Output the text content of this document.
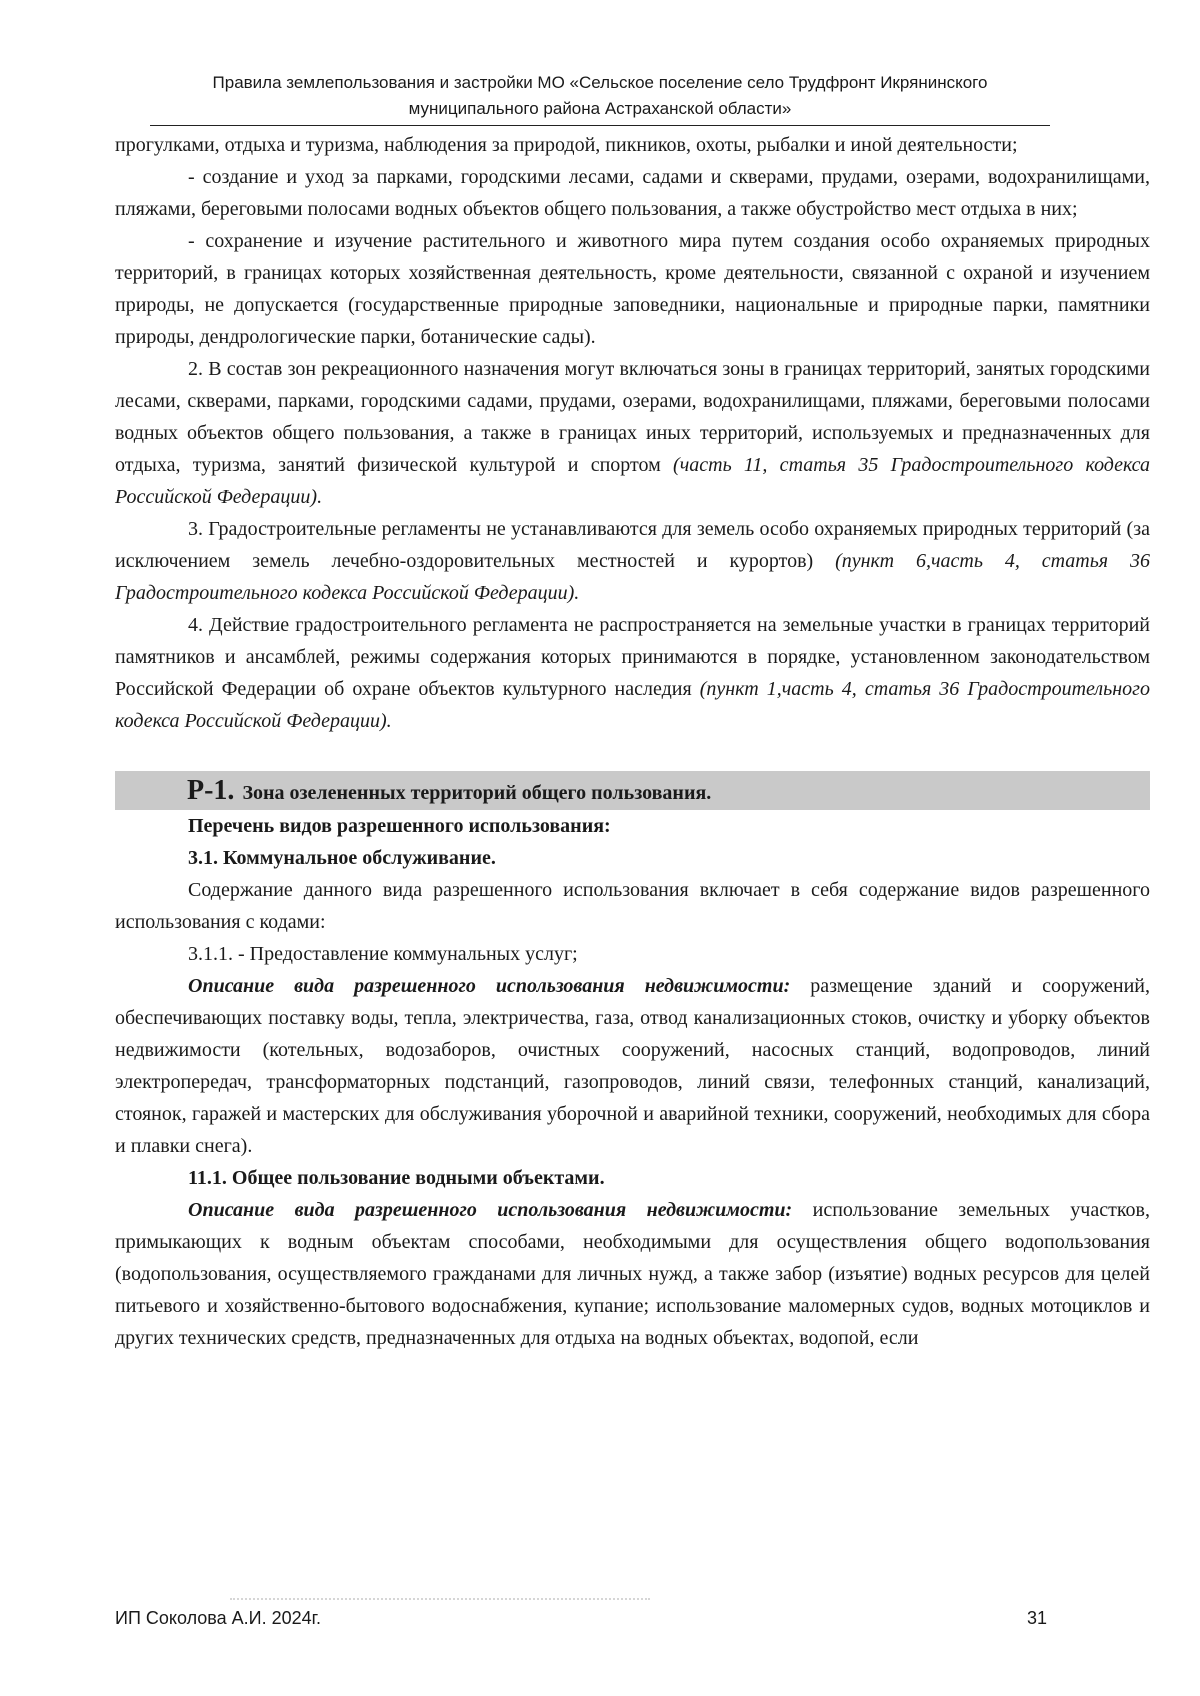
Правила землепользования и застройки МО «Сельское поселение село Трудфронт Икрянинского
муниципального района Астраханской области»

прогулками, отдыха и туризма, наблюдения за природой, пикников, охоты, рыбалки и иной деятельности;

- создание и уход за парками, городскими лесами, садами и скверами, прудами, озерами, водохранилищами, пляжами, береговыми полосами водных объектов общего пользования, а также обустройство мест отдыха в них;

- сохранение и изучение растительного и животного мира путем создания особо охраняемых природных территорий, в границах которых хозяйственная деятельность, кроме деятельности, связанной с охраной и изучением природы, не допускается (государственные природные заповедники, национальные и природные парки, памятники природы, дендрологические парки, ботанические сады).

2. В состав зон рекреационного назначения могут включаться зоны в границах территорий, занятых городскими лесами, скверами, парками, городскими садами, прудами, озерами, водохранилищами, пляжами, береговыми полосами водных объектов общего пользования, а также в границах иных территорий, используемых и предназначенных для отдыха, туризма, занятий физической культурой и спортом (часть 11, статья 35 Градостроительного кодекса Российской Федерации).

3. Градостроительные регламенты не устанавливаются для земель особо охраняемых природных территорий (за исключением земель лечебно-оздоровительных местностей и курортов) (пункт 6,часть 4, статья 36 Градостроительного кодекса Российской Федерации).

4. Действие градостроительного регламента не распространяется на земельные участки в границах территорий памятников и ансамблей, режимы содержания которых принимаются в порядке, установленном законодательством Российской Федерации об охране объектов культурного наследия (пункт 1,часть 4, статья 36 Градостроительного кодекса Российской Федерации).

Р-1. Зона озелененных территорий общего пользования.

Перечень видов разрешенного использования:

3.1. Коммунальное обслуживание.

Содержание данного вида разрешенного использования включает в себя содержание видов разрешенного использования с кодами:

3.1.1. - Предоставление коммунальных услуг;

Описание вида разрешенного использования недвижимости: размещение зданий и сооружений, обеспечивающих поставку воды, тепла, электричества, газа, отвод канализационных стоков, очистку и уборку объектов недвижимости (котельных, водозаборов, очистных сооружений, насосных станций, водопроводов, линий электропередач, трансформаторных подстанций, газопроводов, линий связи, телефонных станций, канализаций, стоянок, гаражей и мастерских для обслуживания уборочной и аварийной техники, сооружений, необходимых для сбора и плавки снега).

11.1. Общее пользование водными объектами.

Описание вида разрешенного использования недвижимости: использование земельных участков, примыкающих к водным объектам способами, необходимыми для осуществления общего водопользования (водопользования, осуществляемого гражданами для личных нужд, а также забор (изъятие) водных ресурсов для целей питьевого и хозяйственно-бытового водоснабжения, купание; использование маломерных судов, водных мотоциклов и других технических средств, предназначенных для отдыха на водных объектах, водопой, если

ИП Соколова А.И. 2024г.	31
